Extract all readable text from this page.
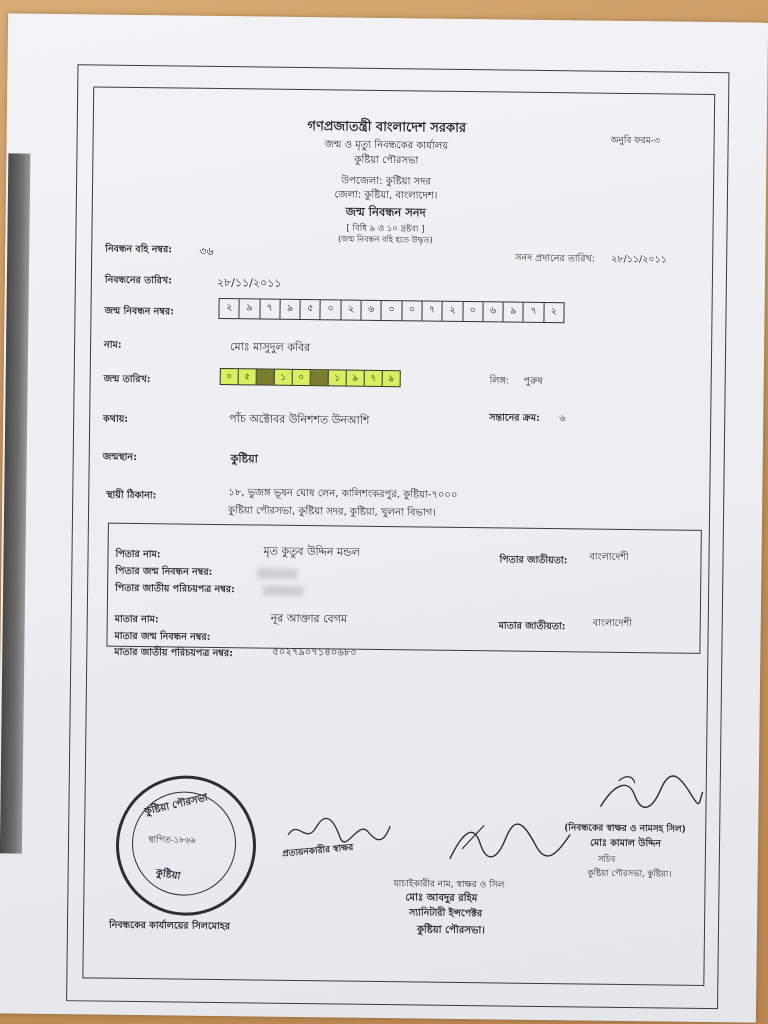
গণপ্রজাতন্ত্রী বাংলাদেশ সরকার
জন্ম ও মৃত্যু নিবন্ধকের কার্যালয়
কুষ্টিয়া পৌরসভা
উপজেলা: কুষ্টিয়া সদর
জেলা: কুষ্টিয়া, বাংলাদেশ।
জন্ম নিবন্ধন সনদ
[ বিধি ৯ ও ১০ দ্রষ্টব্য ]
(জন্ম নিবন্ধন বহি হতে উদ্ধৃত)
অনুবি ফরম-৩
নিবন্ধন বহি নম্বর: ৩৬
সনদ প্রদানের তারিখ: ২৮/১১/২০১১
নিবন্ধনের তারিখ:	২৮/১১/২০১১
জন্ম নিবন্ধন নম্বর:	২	৯	৭	৯	৫	০	২	৬	০	০	৭	২	০	৬	৯	৭	২
নাম:	মোঃ মাসুদুল কবির
জন্ম তারিখ:	০	৫	১	০	১	৯	৭	৯	লিঙ্গ: পুরুষ
কথায়:	পাঁচ অক্টোবর উনিশশত উনআশি	সন্তানের ক্রম: ৬
জন্মস্থান:	কুষ্টিয়া
স্থায়ী ঠিকানা:	১৮, ভুজঙ্গ ভূষন ঘোষ লেন, কালিশংকরপুর, কুষ্টিয়া-৭০০০
কুষ্টিয়া পৌরসভা, কুষ্টিয়া সদর, কুষ্টিয়া, খুলনা বিভাগ।
পিতার নাম:	মৃত কুতুব উদ্দিন মন্ডল
পিতার জাতীয়তা: বাংলাদেশী
পিতার জন্ম নিবন্ধন নম্বর:
পিতার জাতীয় পরিচয়পত্র নম্বর:
মাতার নাম:	নূর আক্তার বেগম
মাতার জাতীয়তা:	বাংলাদেশী
মাতার জন্ম নিবন্ধন নম্বর:
মাতার জাতীয় পরিচয়পত্র নম্বর:	৫০২৭৯০৭১৪০৬৮০
কুষ্টিয়া পৌরসভা
স্থাপিত-১৮৬৯
কুষ্টিয়া
নিবন্ধকের কার্যালয়ের সিলমোহর
প্রত্যয়নকারীর স্বাক্ষর
যাচাইকারীর নাম, স্বাক্ষর ও সিল
মোঃ আবদুর রহিম
স্যানিটারী ইন্সপেক্টর
কুষ্টিয়া পৌরসভা।
(নিবন্ধকের স্বাক্ষর ও নামসহ সিল)
মোঃ কামাল উদ্দিন
সচিব
কুষ্টিয়া পৌরসভা, কুষ্টিয়া।
